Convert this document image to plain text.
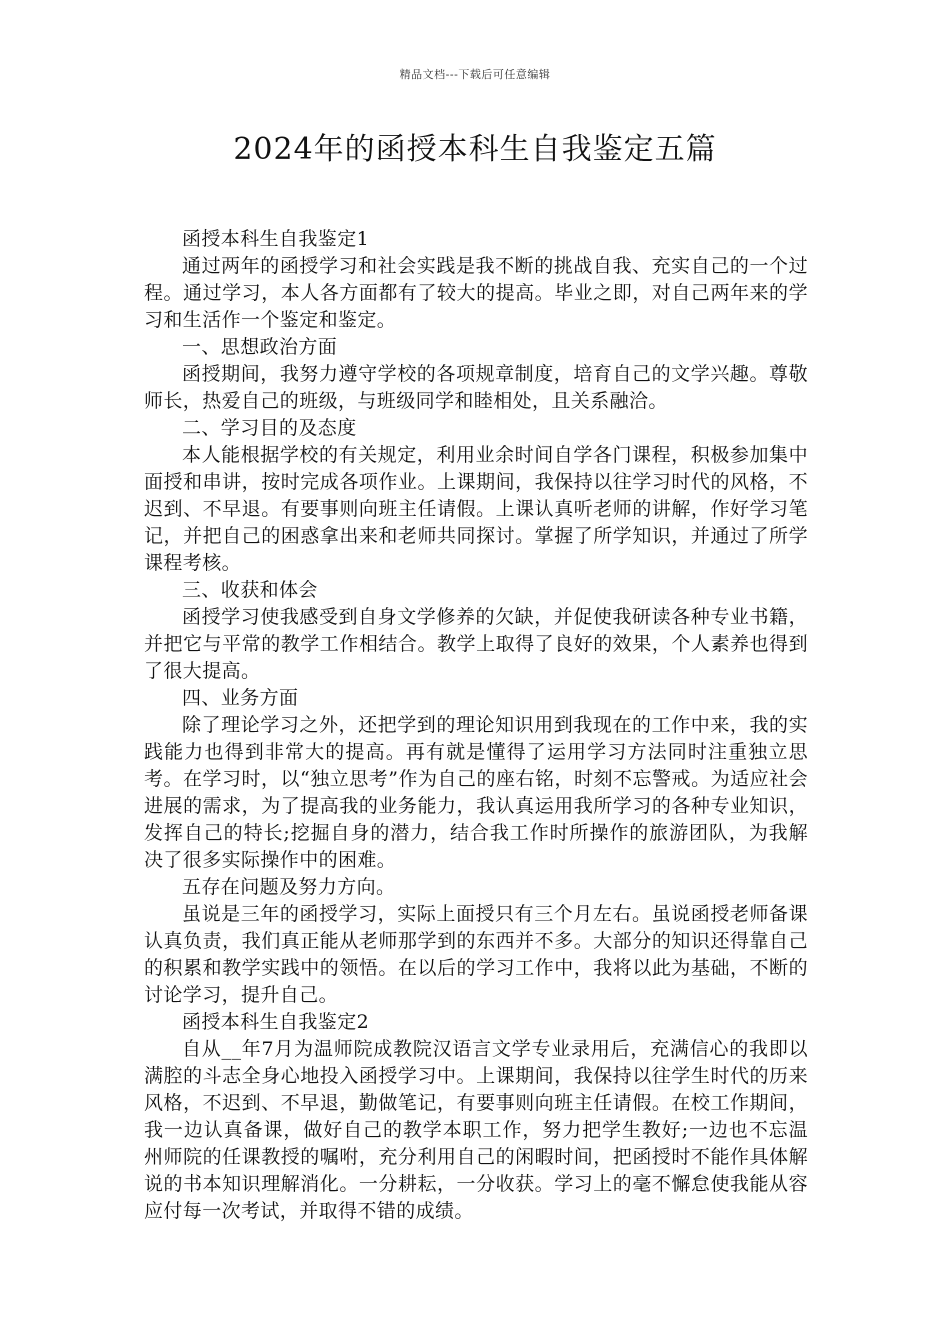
精品文档---下载后可任意编辑
2024年的函授本科生自我鉴定五篇

函授本科生自我鉴定1

通过两年的函授学习和社会实践是我不断的挑战自我、充实自己的一个过程。通过学习，本人各方面都有了较大的提高。毕业之即，对自己两年来的学习和生活作一个鉴定和鉴定。

一、思想政治方面

函授期间，我努力遵守学校的各项规章制度，培育自己的文学兴趣。尊敬师长，热爱自己的班级，与班级同学和睦相处，且关系融洽。

二、学习目的及态度

本人能根据学校的有关规定，利用业余时间自学各门课程，积极参加集中面授和串讲，按时完成各项作业。上课期间，我保持以往学习时代的风格，不迟到、不早退。有要事则向班主任请假。上课认真听老师的讲解，作好学习笔记，并把自己的困惑拿出来和老师共同探讨。掌握了所学知识，并通过了所学课程考核。

三、收获和体会

函授学习使我感受到自身文学修养的欠缺，并促使我研读各种专业书籍，并把它与平常的教学工作相结合。教学上取得了良好的效果，个人素养也得到了很大提高。

四、业务方面

除了理论学习之外，还把学到的理论知识用到我现在的工作中来，我的实践能力也得到非常大的提高。再有就是懂得了运用学习方法同时注重独立思考。在学习时，以“独立思考”作为自己的座右铭，时刻不忘警戒。为适应社会进展的需求，为了提高我的业务能力，我认真运用我所学习的各种专业知识，发挥自己的特长;挖掘自身的潜力，结合我工作时所操作的旅游团队，为我解决了很多实际操作中的困难。

五存在问题及努力方向。

虽说是三年的函授学习，实际上面授只有三个月左右。虽说函授老师备课认真负责，我们真正能从老师那学到的东西并不多。大部分的知识还得靠自己的积累和教学实践中的领悟。在以后的学习工作中，我将以此为基础，不断的讨论学习，提升自己。

函授本科生自我鉴定2

自从__年7月为温师院成教院汉语言文学专业录用后，充满信心的我即以满腔的斗志全身心地投入函授学习中。上课期间，我保持以往学生时代的历来风格，不迟到、不早退，勤做笔记，有要事则向班主任请假。在校工作期间，我一边认真备课，做好自己的教学本职工作，努力把学生教好;一边也不忘温州师院的任课教授的嘱咐，充分利用自己的闲暇时间，把函授时不能作具体解说的书本知识理解消化。一分耕耘，一分收获。学习上的毫不懈怠使我能从容应付每一次考试，并取得不错的成绩。
